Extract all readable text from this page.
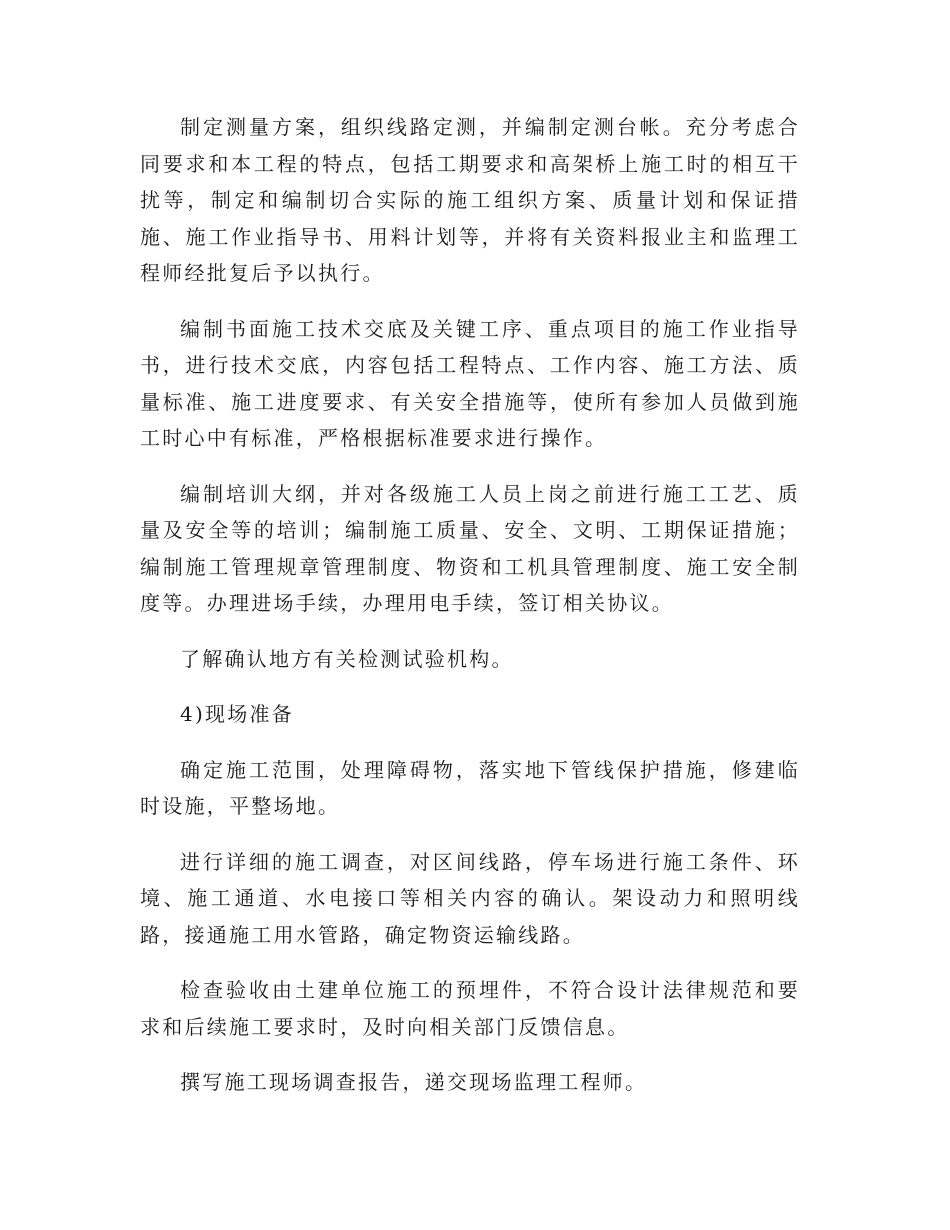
制定测量方案，组织线路定测，并编制定测台帐。充分考虑合同要求和本工程的特点，包括工期要求和高架桥上施工时的相互干扰等，制定和编制切合实际的施工组织方案、质量计划和保证措施、施工作业指导书、用料计划等，并将有关资料报业主和监理工程师经批复后予以执行。

编制书面施工技术交底及关键工序、重点项目的施工作业指导书，进行技术交底，内容包括工程特点、工作内容、施工方法、质量标准、施工进度要求、有关安全措施等，使所有参加人员做到施工时心中有标准，严格根据标准要求进行操作。

编制培训大纲，并对各级施工人员上岗之前进行施工工艺、质量及安全等的培训；编制施工质量、安全、文明、工期保证措施；编制施工管理规章管理制度、物资和工机具管理制度、施工安全制度等。办理进场手续，办理用电手续，签订相关协议。

了解确认地方有关检测试验机构。

4)现场准备

确定施工范围，处理障碍物，落实地下管线保护措施，修建临时设施，平整场地。

进行详细的施工调查，对区间线路，停车场进行施工条件、环境、施工通道、水电接口等相关内容的确认。架设动力和照明线路，接通施工用水管路，确定物资运输线路。

检查验收由土建单位施工的预埋件，不符合设计法律规范和要求和后续施工要求时，及时向相关部门反馈信息。

撰写施工现场调查报告，递交现场监理工程师。
